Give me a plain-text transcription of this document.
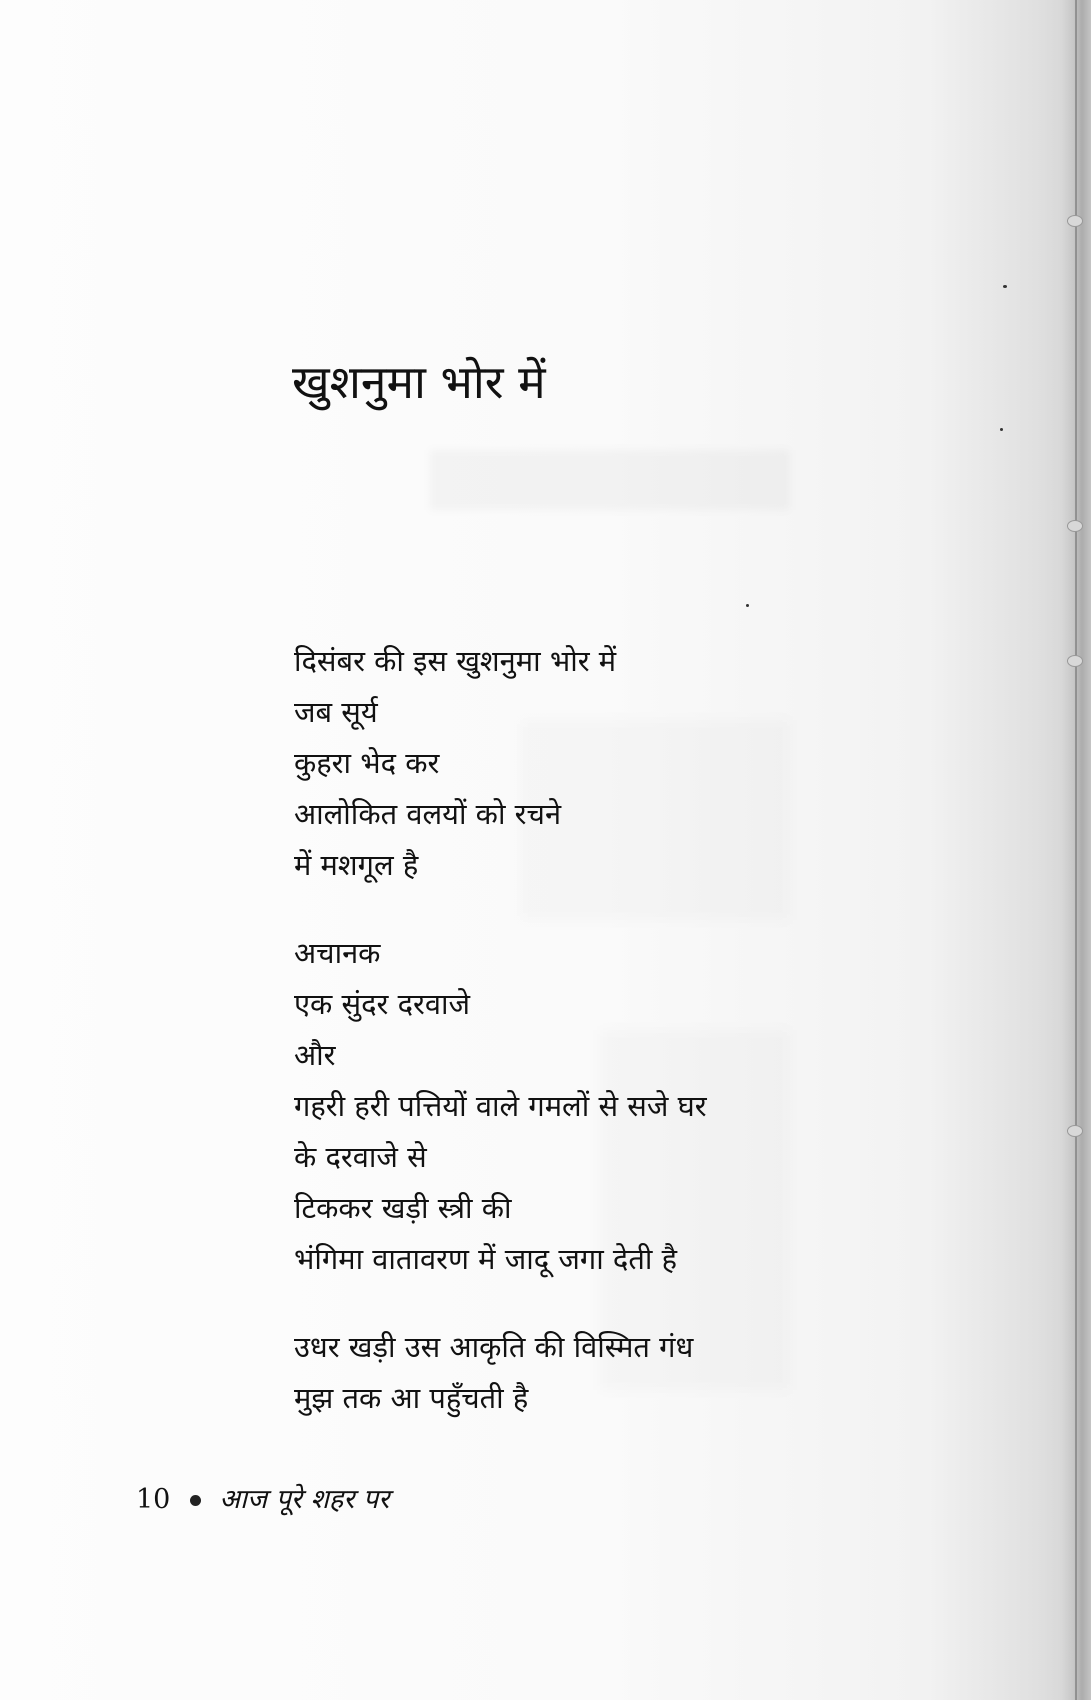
खुशनुमा भोर में
दिसंबर की इस खुशनुमा भोर में
जब सूर्य
कुहरा भेद कर
आलोकित वलयों को रचने
में मशगूल है
अचानक
एक सुंदर दरवाजे
और
गहरी हरी पत्तियों वाले गमलों से सजे घर
के दरवाजे से
टिककर खड़ी स्त्री की
भंगिमा वातावरण में जादू जगा देती है
उधर खड़ी उस आकृति की विस्मित गंध
मुझ तक आ पहुँचती है
10 आज पूरे शहर पर
